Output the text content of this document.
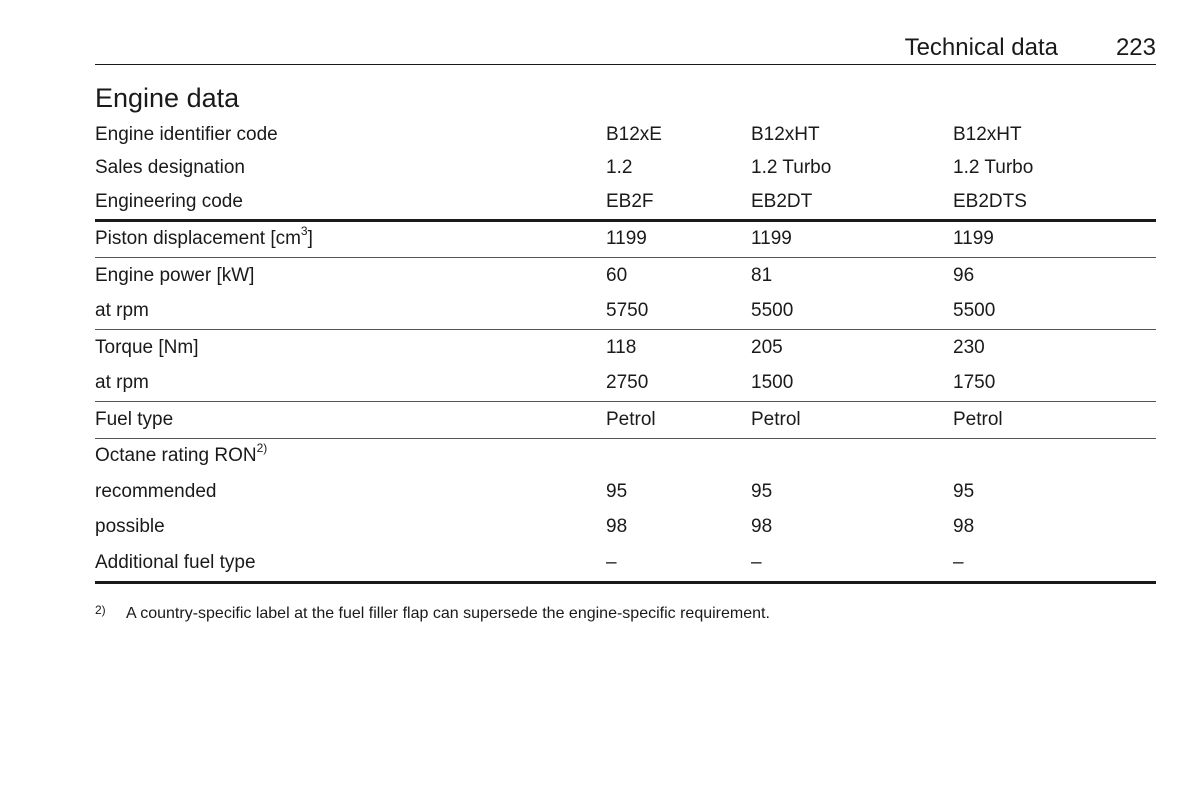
Technical data 223
Engine data
Engine identifier code	B12xE	B12xHT	B12xHT
Sales designation	1.2	1.2 Turbo	1.2 Turbo
Engineering code	EB2F	EB2DT	EB2DTS
Piston displacement $[cm^3]$	1199	1199	1199
Engine power [kW]	60	81	96
at rpm	5750	5500	5500
Torque [Nm]	118	205	230
at rpm	2750	1500	1750
Fuel type	Petrol	Petrol	Petrol
Octane rating RON$^{2)}$			
recommended	95	95	95
possible	98	98	98
Additional fuel type	–	–	–
2) A country-specific label at the fuel filler flap can supersede the engine-specific requirement.
